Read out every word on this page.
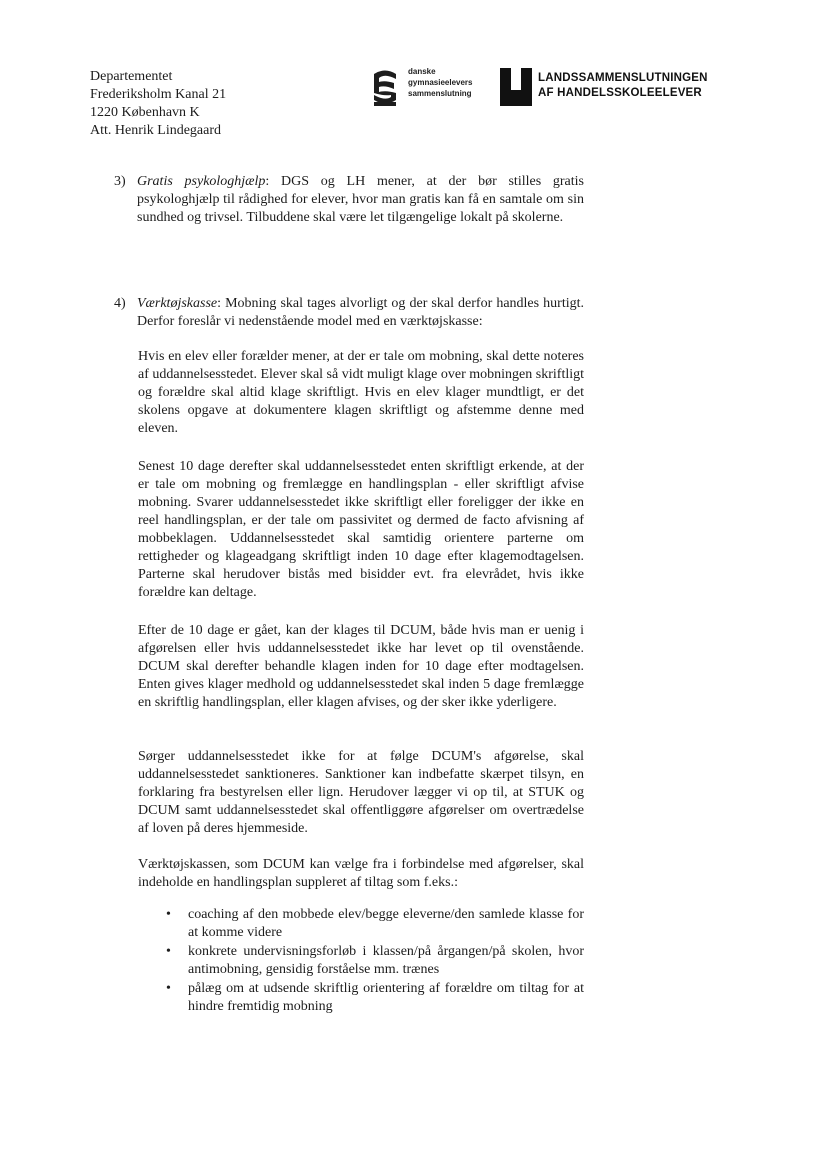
Departementet
Frederiksholm Kanal 21
1220 København K
Att. Henrik Lindegaard
danske
gymnasieelevers
sammenslutning
LANDSSAMMENSLUTNINGEN
AF HANDELSSKOLEELEVER
3) Gratis psykologhjælp: DGS og LH mener, at der bør stilles gratis psykologhjælp til rådighed for elever, hvor man gratis kan få en samtale om sin sundhed og trivsel. Tilbuddene skal være let tilgængelige lokalt på skolerne.
4) Værktøjskasse: Mobning skal tages alvorligt og der skal derfor handles hurtigt. Derfor foreslår vi nedenstående model med en værktøjskasse:

Hvis en elev eller forælder mener, at der er tale om mobning, skal dette noteres af uddannelsesstedet. Elever skal så vidt muligt klage over mobningen skriftligt og forældre skal altid klage skriftligt. Hvis en elev klager mundtligt, er det skolens opgave at dokumentere klagen skriftligt og afstemme denne med eleven.

Senest 10 dage derefter skal uddannelsesstedet enten skriftligt erkende, at der er tale om mobning og fremlægge en handlingsplan - eller skriftligt afvise mobning. Svarer uddannelsesstedet ikke skriftligt eller foreligger der ikke en reel handlingsplan, er der tale om passivitet og dermed de facto afvisning af mobbeklagen. Uddannelsesstedet skal samtidig orientere parterne om rettigheder og klageadgang skriftligt inden 10 dage efter klagemodtagelsen. Parterne skal herudover bistås med bisidder evt. fra elevrådet, hvis ikke forældre kan deltage.

Efter de 10 dage er gået, kan der klages til DCUM, både hvis man er uenig i afgørelsen eller hvis uddannelsesstedet ikke har levet op til ovenstående. DCUM skal derefter behandle klagen inden for 10 dage efter modtagelsen. Enten gives klager medhold og uddannelsesstedet skal inden 5 dage fremlægge en skriftlig handlingsplan, eller klagen afvises, og der sker ikke yderligere.

Sørger uddannelsesstedet ikke for at følge DCUM's afgørelse, skal uddannelsesstedet sanktioneres. Sanktioner kan indbefatte skærpet tilsyn, en forklaring fra bestyrelsen eller lign. Herudover lægger vi op til, at STUK og DCUM samt uddannelsesstedet skal offentliggøre afgørelser om overtrædelse af loven på deres hjemmeside.

Værktøjskassen, som DCUM kan vælge fra i forbindelse med afgørelser, skal indeholde en handlingsplan suppleret af tiltag som f.eks.:

• coaching af den mobbede elev/begge eleverne/den samlede klasse for at komme videre
• konkrete undervisningsforløb i klassen/på årgangen/på skolen, hvor antimobning, gensidig forståelse mm. trænes
• pålæg om at udsende skriftlig orientering af forældre om tiltag for at hindre fremtidig mobning
